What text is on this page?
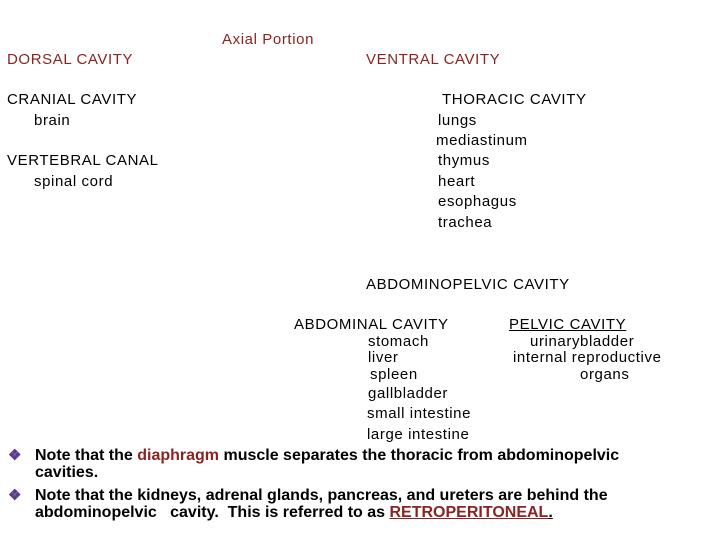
Axial Portion
DORSAL CAVITY
CRANIAL CAVITY
brain
VERTEBRAL CANAL
spinal cord
VENTRAL CAVITY
THORACIC CAVITY
lungs
mediastinum
thymus
heart
esophagus
trachea
ABDOMINOPELVIC CAVITY
ABDOMINAL CAVITY
stomach
liver
spleen
gallbladder
small intestine
large intestine
PELVIC CAVITY
urinarybladder
internal reproductive
organs
❖ Note that the diaphragm muscle separates the thoracic from abdominopelvic
cavities.
❖ Note that the kidneys, adrenal glands, pancreas, and ureters are behind the
abdominopelvic   cavity.  This is referred to as RETROPERITONEAL.
